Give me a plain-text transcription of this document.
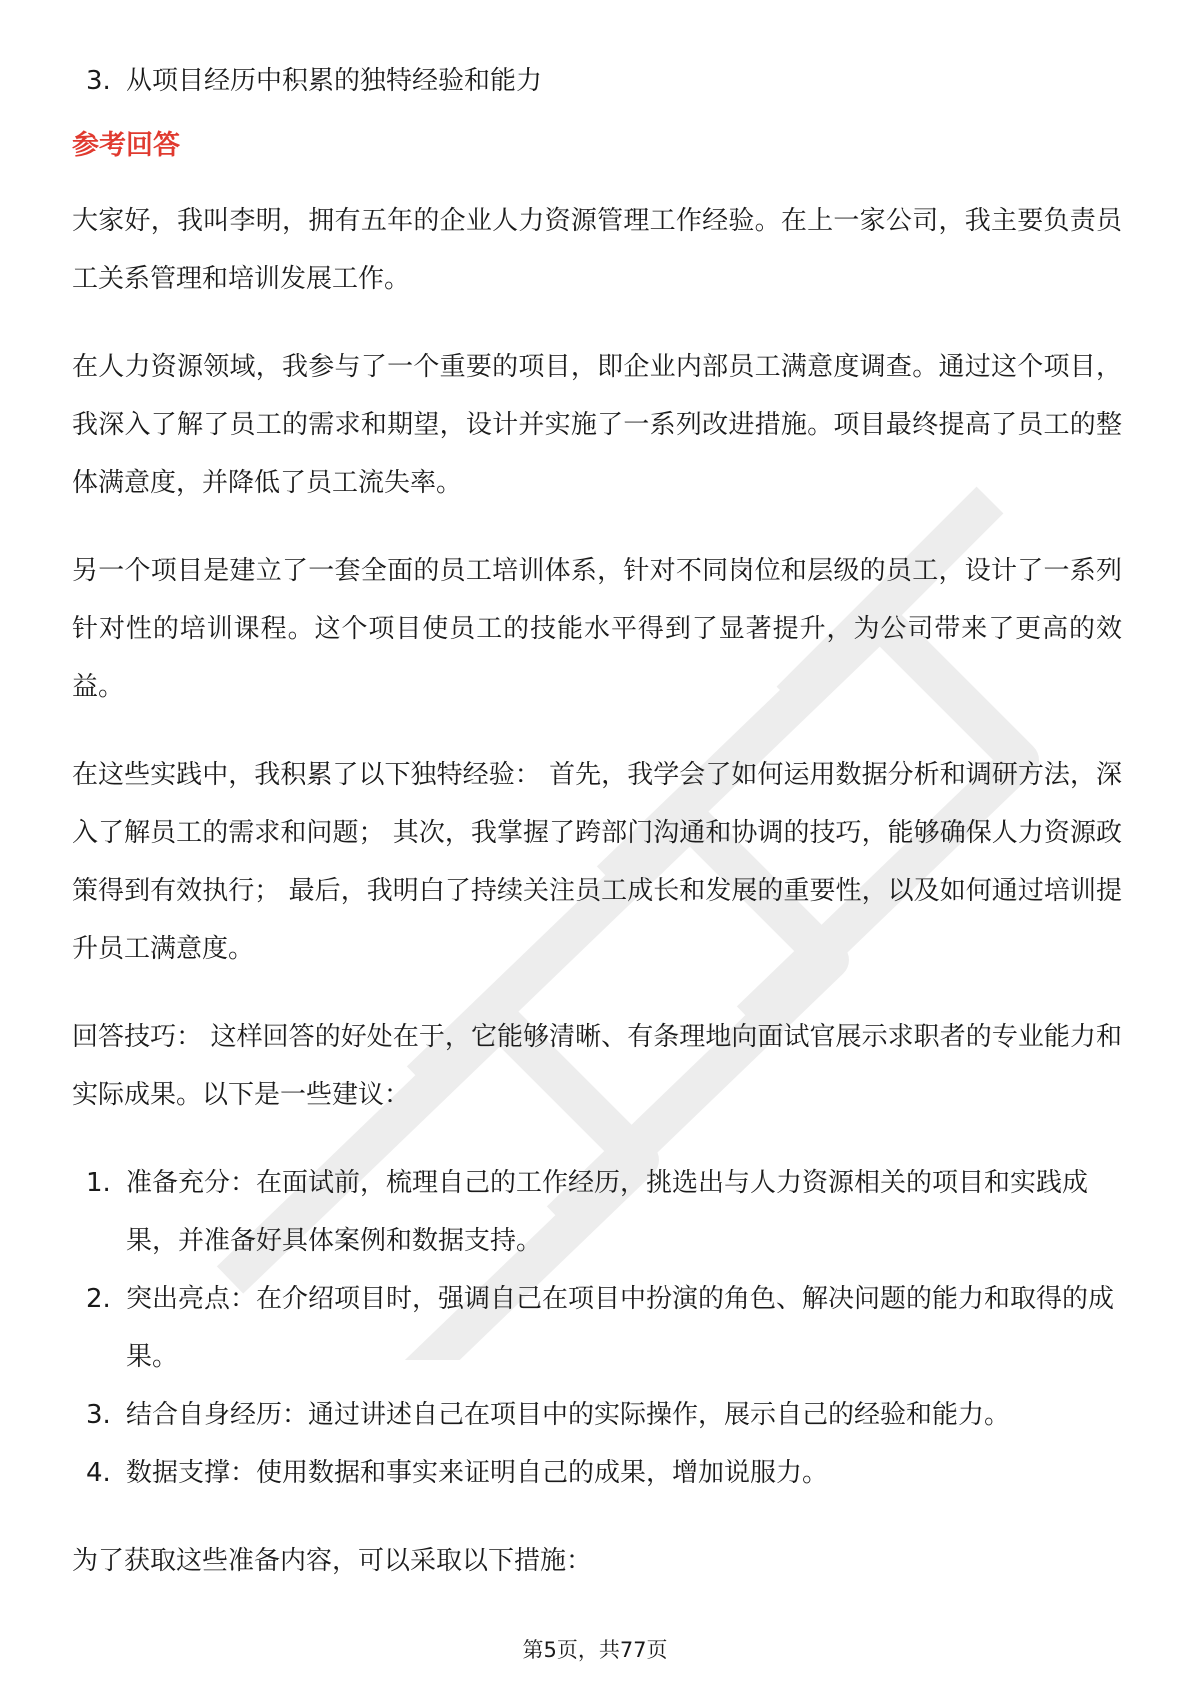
3. 从项目经历中积累的独特经验和能力
参考回答

大家好，我叫李明，拥有五年的企业人力资源管理工作经验。在上一家公司，我主要负责员工关系管理和培训发展工作。

在人力资源领域，我参与了一个重要的项目，即企业内部员工满意度调查。通过这个项目，我深入了解了员工的需求和期望，设计并实施了一系列改进措施。项目最终提高了员工的整体满意度，并降低了员工流失率。

另一个项目是建立了一套全面的员工培训体系，针对不同岗位和层级的员工，设计了一系列针对性的培训课程。这个项目使员工的技能水平得到了显著提升，为公司带来了更高的效益。

在这些实践中，我积累了以下独特经验： 首先，我学会了如何运用数据分析和调研方法，深入了解员工的需求和问题； 其次，我掌握了跨部门沟通和协调的技巧，能够确保人力资源政策得到有效执行； 最后，我明白了持续关注员工成长和发展的重要性，以及如何通过培训提升员工满意度。

回答技巧： 这样回答的好处在于，它能够清晰、有条理地向面试官展示求职者的专业能力和实际成果。以下是一些建议：

1. 准备充分：在面试前，梳理自己的工作经历，挑选出与人力资源相关的项目和实践成果，并准备好具体案例和数据支持。
2. 突出亮点：在介绍项目时，强调自己在项目中扮演的角色、解决问题的能力和取得的成果。
3. 结合自身经历：通过讲述自己在项目中的实际操作，展示自己的经验和能力。
4. 数据支撑：使用数据和事实来证明自己的成果，增加说服力。

为了获取这些准备内容，可以采取以下措施：

第5页，共77页
